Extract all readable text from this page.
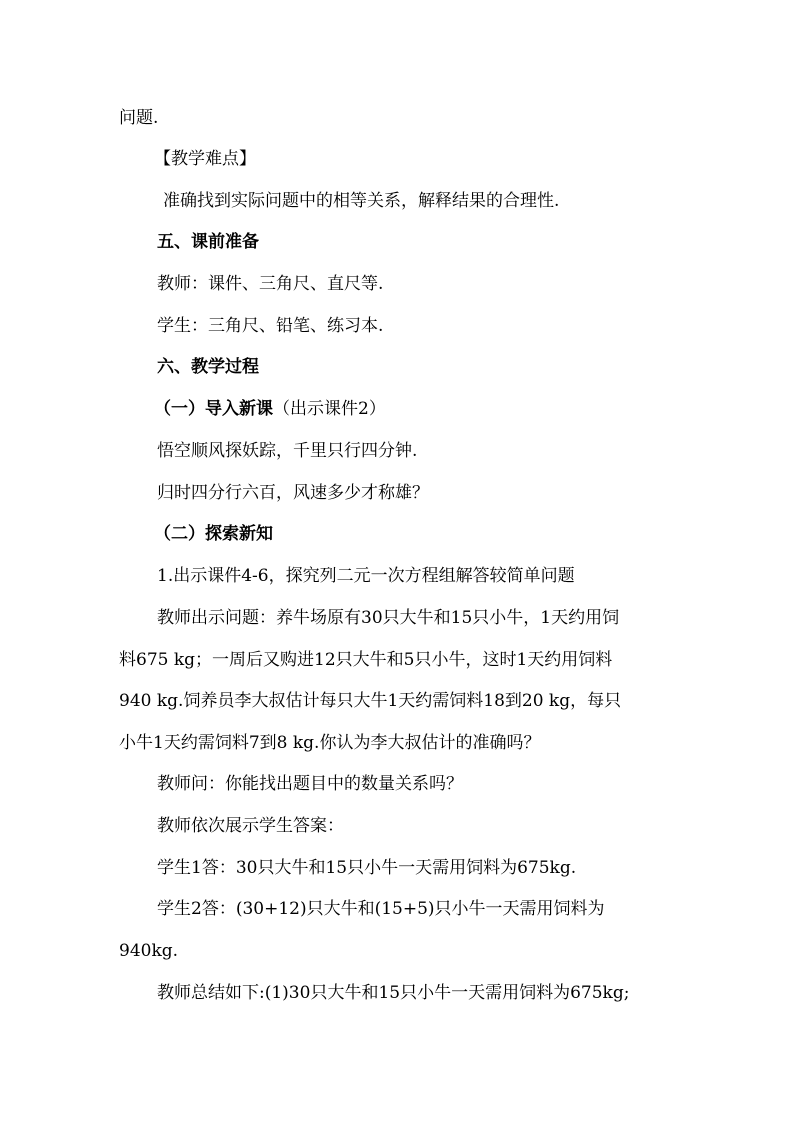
问题.
【教学难点】
准确找到实际问题中的相等关系，解释结果的合理性.
五、课前准备
教师：课件、三角尺、直尺等.
学生：三角尺、铅笔、练习本.
六、教学过程
（一）导入新课（出示课件2）
悟空顺风探妖踪，千里只行四分钟.
归时四分行六百，风速多少才称雄？
（二）探索新知
1.出示课件4-6，探究列二元一次方程组解答较简单问题
教师出示问题：养牛场原有30只大牛和15只小牛，1天约用饲
料675 kg；一周后又购进12只大牛和5只小牛，这时1天约用饲料
940 kg.饲养员李大叔估计每只大牛1天约需饲料18到20 kg，每只
小牛1天约需饲料7到8 kg.你认为李大叔估计的准确吗？
教师问：你能找出题目中的数量关系吗？
教师依次展示学生答案：
学生1答：30只大牛和15只小牛一天需用饲料为675kg.
学生2答：(30+12)只大牛和(15+5)只小牛一天需用饲料为
940kg.
教师总结如下:(1)30只大牛和15只小牛一天需用饲料为675kg;
